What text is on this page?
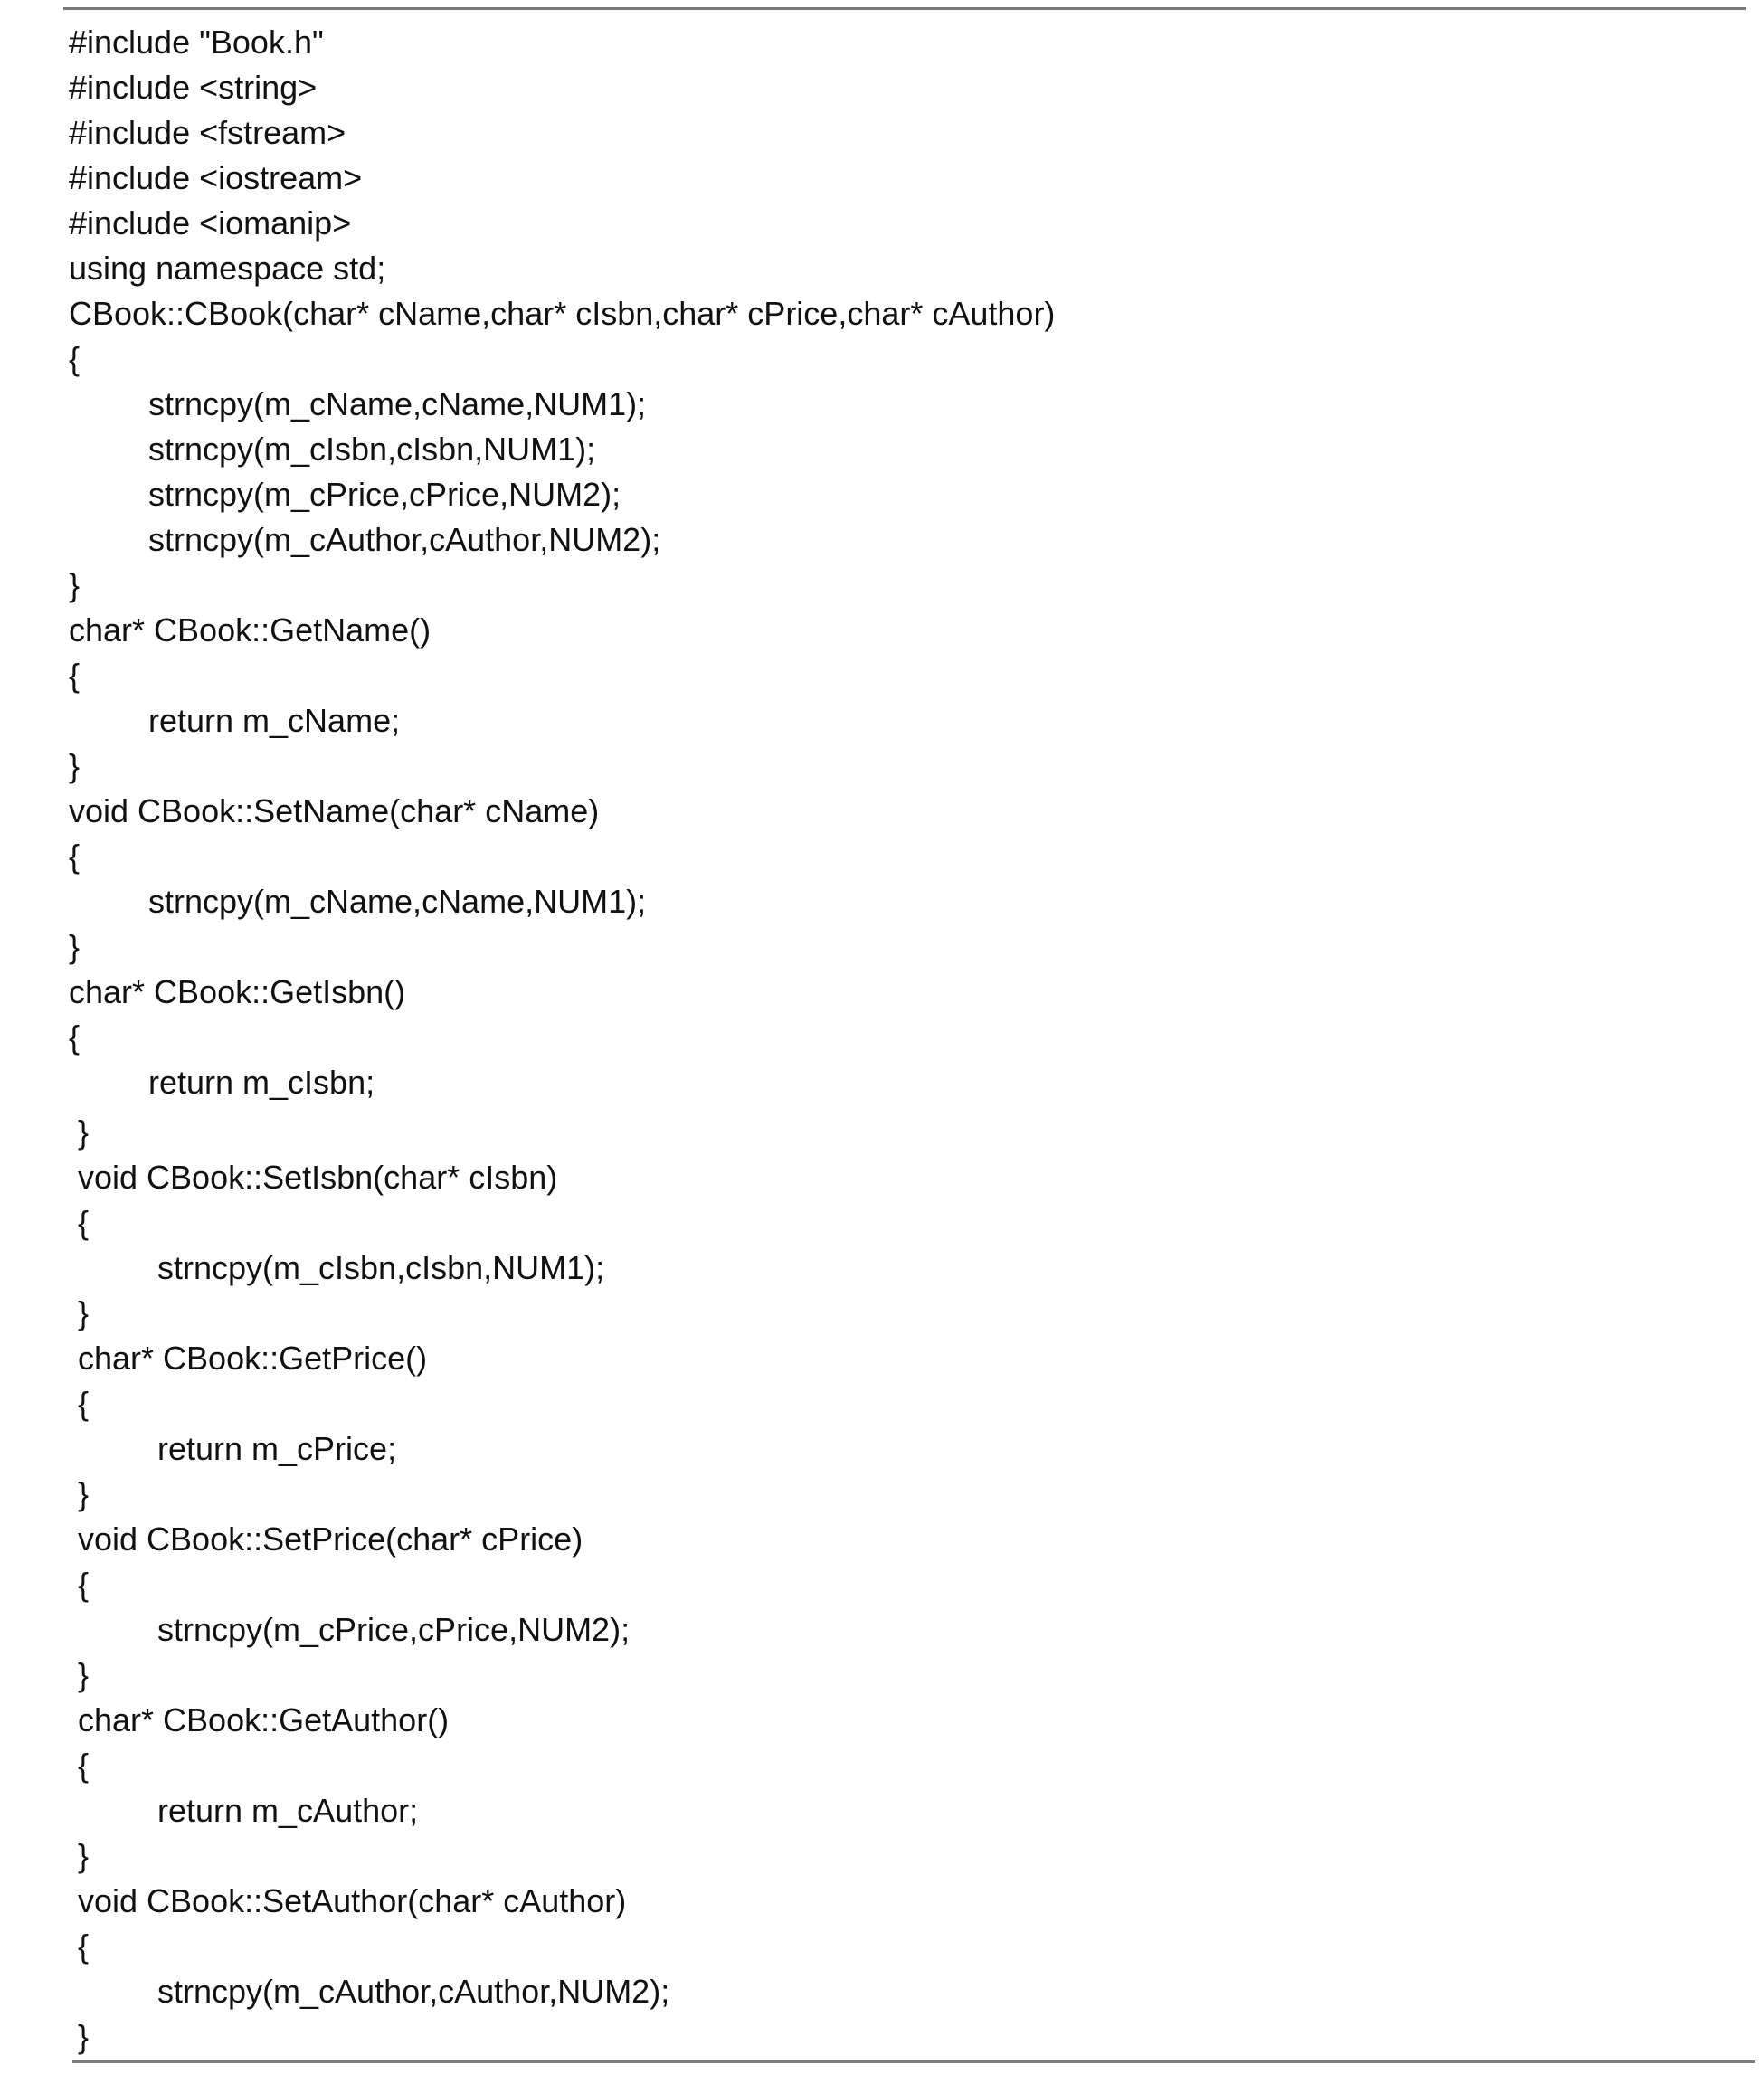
#include "Book.h"
#include <string>
#include <fstream>
#include <iostream>
#include <iomanip>
using namespace std;
CBook::CBook(char* cName,char* cIsbn,char* cPrice,char* cAuthor)
{
strncpy(m_cName,cName,NUM1);
strncpy(m_cIsbn,cIsbn,NUM1);
strncpy(m_cPrice,cPrice,NUM2);
strncpy(m_cAuthor,cAuthor,NUM2);
}
char* CBook::GetName()
{
return m_cName;
}
void CBook::SetName(char* cName)
{
strncpy(m_cName,cName,NUM1);
}
char* CBook::GetIsbn()
{
return m_cIsbn;
}
void CBook::SetIsbn(char* cIsbn)
{
strncpy(m_cIsbn,cIsbn,NUM1);
}
char* CBook::GetPrice()
{
return m_cPrice;
}
void CBook::SetPrice(char* cPrice)
{
strncpy(m_cPrice,cPrice,NUM2);
}
char* CBook::GetAuthor()
{
return m_cAuthor;
}
void CBook::SetAuthor(char* cAuthor)
{
strncpy(m_cAuthor,cAuthor,NUM2);
}
